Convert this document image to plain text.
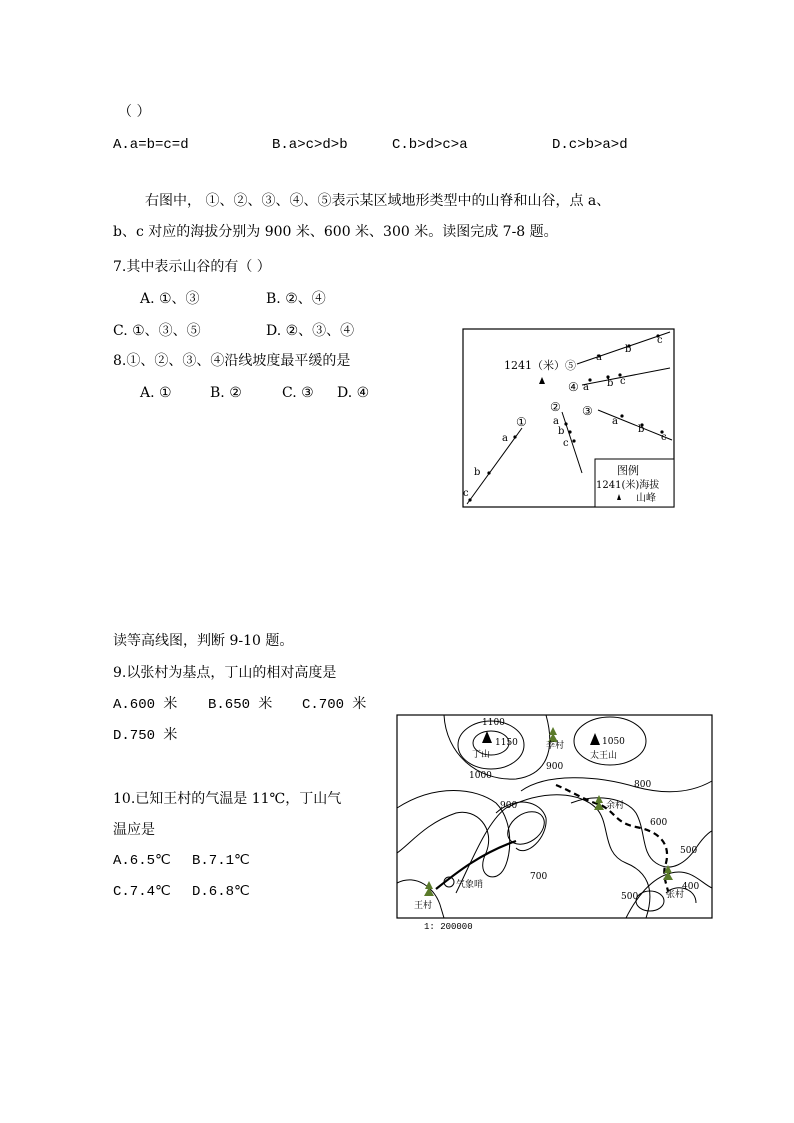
（ ）
A.a=b=c=d	B.a>c>d>b	C.b>d>c>a	D.c>b>a>d
右图中， ①、②、③、④、⑤表示某区域地形类型中的山脊和山谷，点 a、
b、c 对应的海拔分别为 900 米、600 米、300 米。读图完成 7-8 题。
7.其中表示山谷的有（ ）
A. ①、③	B. ②、④
C. ①、③、⑤	D. ②、③、④
8.①、②、③、④沿线坡度最平缓的是
A. ①	B. ②	C. ③ D. ④
1241（米）⑤
④
② ③
①
a
b
c
a b c
a
b
c
a
b
c
a
b
c
图例
1241(米)海拔
山峰
读等高线图，判断 9-10 题。
9.以张村为基点，丁山的相对高度是
A.600 米 B.650 米 C.700 米
D.750 米
10.已知王村的气温是 11℃，丁山气
温应是
A.6.5℃ B.7.1℃
C.7.4℃ D.6.8℃
1100
1150
1000
900
1050
800
900
600
700
500
500
400
丁山	太王山
李村
余村
张村
王村
气象哨
1: 200000
